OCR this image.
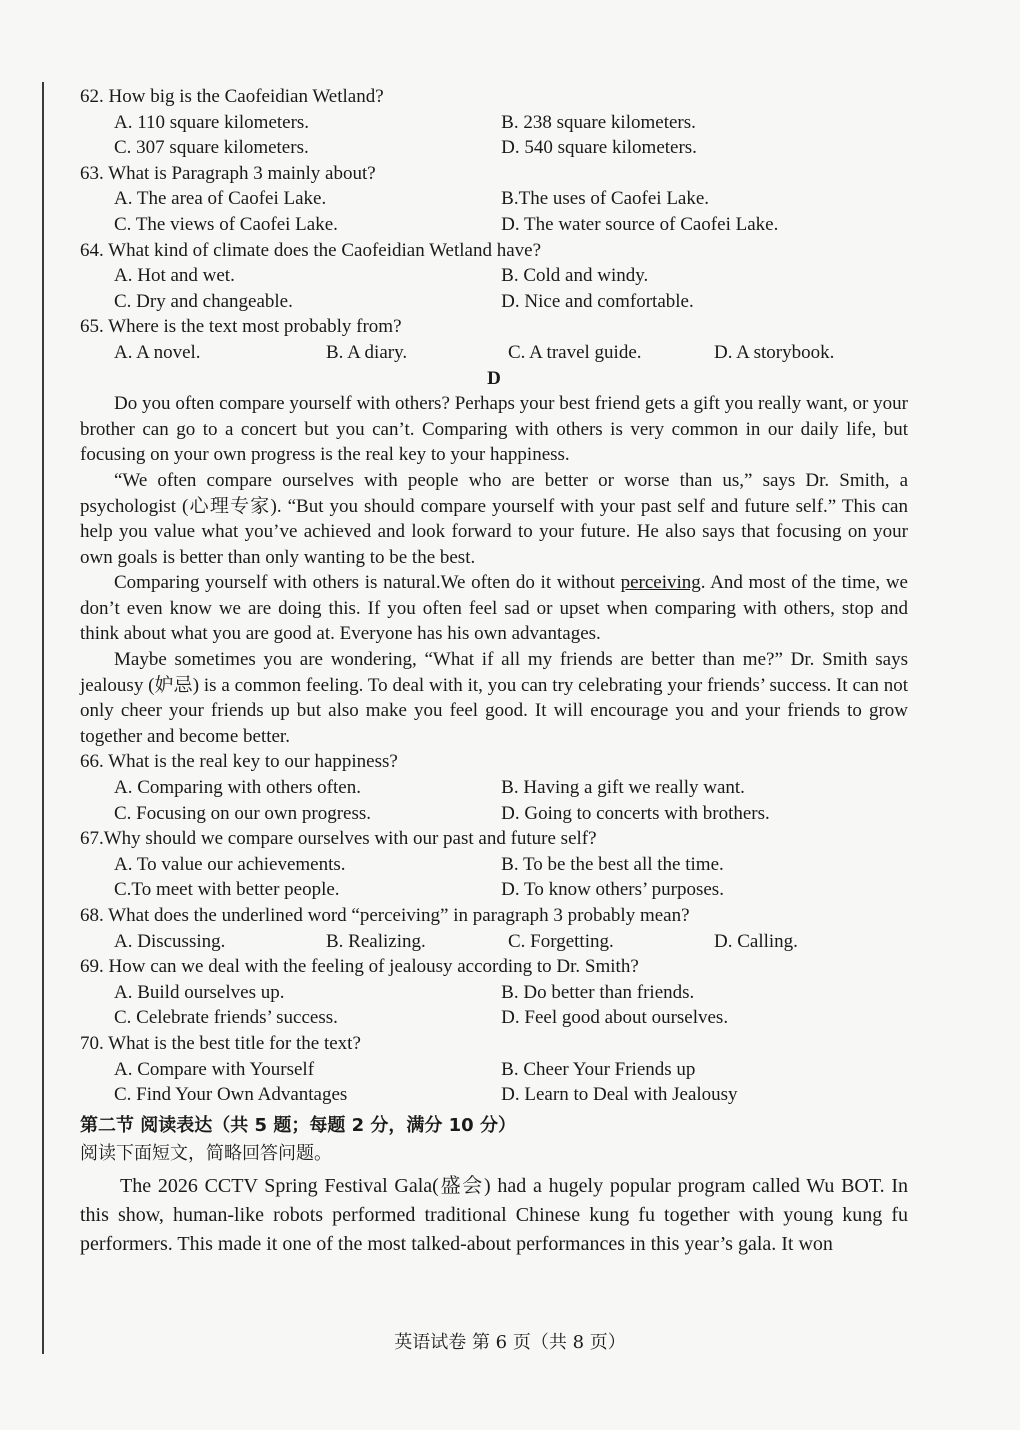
62. How big is the Caofeidian Wetland?

A. 110 square kilometers.	B. 238 square kilometers.
C. 307 square kilometers.	D. 540 square kilometers.

63. What is Paragraph 3 mainly about?

A. The area of Caofei Lake.	B.The uses of Caofei Lake.
C. The views of Caofei Lake.	D. The water source of Caofei Lake.

64. What kind of climate does the Caofeidian Wetland have?

A. Hot and wet.	B. Cold and windy.
C. Dry and changeable.	D. Nice and comfortable.

65. Where is the text most probably from?

A. A novel.	B. A diary.	C. A travel guide.	D. A storybook.

D

Do you often compare yourself with others? Perhaps your best friend gets a gift you really want, or your brother can go to a concert but you can’t. Comparing with others is very common in our daily life, but focusing on your own progress is the real key to your happiness.

“We often compare ourselves with people who are better or worse than us,” says Dr. Smith, a psychologist (心理专家). “But you should compare yourself with your past self and future self.” This can help you value what you’ve achieved and look forward to your future. He also says that focusing on your own goals is better than only wanting to be the best.

Comparing yourself with others is natural.We often do it without perceiving. And most of the time, we don’t even know we are doing this. If you often feel sad or upset when comparing with others, stop and think about what you are good at. Everyone has his own advantages.

Maybe sometimes you are wondering, “What if all my friends are better than me?” Dr. Smith says jealousy (妒忌) is a common feeling. To deal with it, you can try celebrating your friends’ success. It can not only cheer your friends up but also make you feel good. It will encourage you and your friends to grow together and become better.

66. What is the real key to our happiness?

A. Comparing with others often.	B. Having a gift we really want.
C. Focusing on our own progress.	D. Going to concerts with brothers.

67.Why should we compare ourselves with our past and future self?

A. To value our achievements.	B. To be the best all the time.
C.To meet with better people.	D. To know others’ purposes.

68. What does the underlined word “perceiving” in paragraph 3 probably mean?

A. Discussing.	B. Realizing.	C. Forgetting.	D. Calling.

69. How can we deal with the feeling of jealousy according to Dr. Smith?

A. Build ourselves up.	B. Do better than friends.
C. Celebrate friends’ success.	D. Feel good about ourselves.

70. What is the best title for the text?

A. Compare with Yourself	B. Cheer Your Friends up
C. Find Your Own Advantages	D. Learn to Deal with Jealousy

第二节 阅读表达（共 5 题；每题 2 分，满分 10 分）

阅读下面短文，简略回答问题。

The 2026 CCTV Spring Festival Gala(盛会) had a hugely popular program called Wu BOT. In this show, human-like robots performed traditional Chinese kung fu together with young kung fu performers. This made it one of the most talked-about performances in this year’s gala. It won

英语试卷 第 6 页（共 8 页）
